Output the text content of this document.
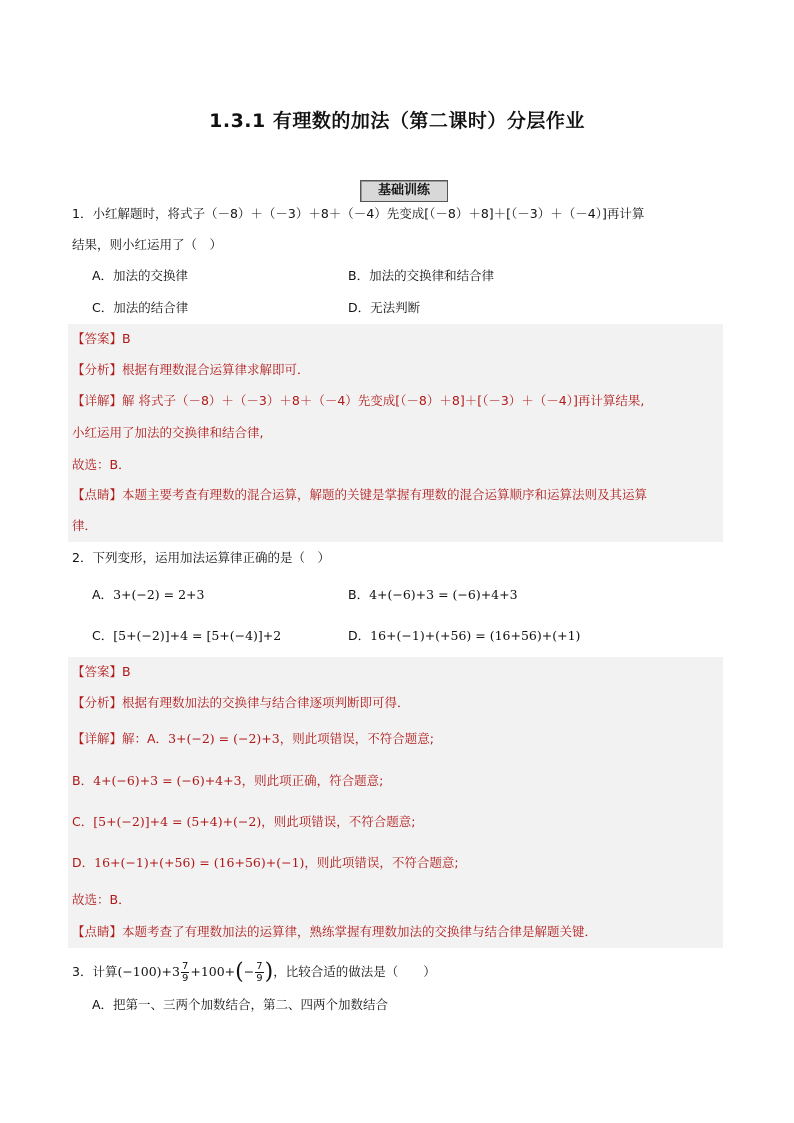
1.3.1 有理数的加法（第二课时）分层作业
基础训练
1．小红解题时，将式子（－8）＋（－3）＋8＋（－4）先变成[（－8）＋8]＋[（－3）＋（－4）]再计算
结果，则小红运用了（　）
A．加法的交换律	B．加法的交换律和结合律
C．加法的结合律	D．无法判断
【答案】B
【分析】根据有理数混合运算律求解即可．
【详解】解 将式子（－8）＋（－3）＋8＋（－4）先变成[（－8）＋8]＋[（－3）＋（－4）]再计算结果,
小红运用了加法的交换律和结合律,
故选：B．
【点睛】本题主要考查有理数的混合运算，解题的关键是掌握有理数的混合运算顺序和运算法则及其运算
律．
2．下列变形，运用加法运算律正确的是（　）
A．3+(−2) = 2+3	B．4+(−6)+3 = (−6)+4+3
C．[5+(−2)]+4 = [5+(−4)]+2	D．16+(−1)+(+56) = (16+56)+(+1)
【答案】B
【分析】根据有理数加法的交换律与结合律逐项判断即可得．
【详解】解：A．3+(−2) = (−2)+3，则此项错误，不符合题意;
B．4+(−6)+3 = (−6)+4+3，则此项正确，符合题意;
C．[5+(−2)]+4 = (5+4)+(−2)，则此项错误，不符合题意;
D．16+(−1)+(+56) = (16+56)+(−1)，则此项错误，不符合题意;
故选：B．
【点睛】本题考查了有理数加法的运算律，熟练掌握有理数加法的交换律与结合律是解题关键．
3．计算$(-100)+3 \frac{7}{9} +100+(- \frac{7}{9}$ )，比较合适的做法是（　　）
A．把第一、三两个加数结合，第二、四两个加数结合
